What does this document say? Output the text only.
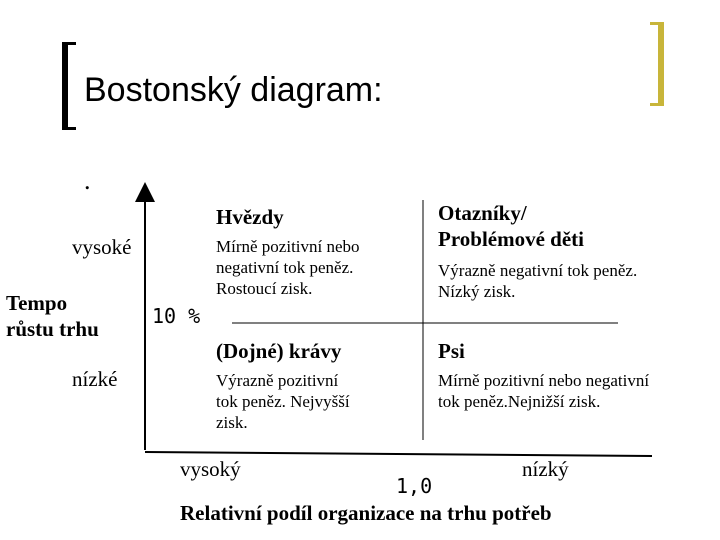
Bostonský diagram:
.
vysoké
Tempo
růstu trhu
nízké
10 %
Hvězdy
Mírně pozitivní nebo
negativní tok peněz.
Rostoucí zisk.
Otazníky/
Problémové děti
Výrazně negativní tok peněz.
Nízký zisk.
(Dojné) krávy
Výrazně pozitivní
tok peněz. Nejvyšší
zisk.
Psi
Mírně pozitivní nebo negativní
tok peněz.Nejnižší zisk.
vysoký	nízký
1,0
Relativní podíl organizace na trhu potřeb
